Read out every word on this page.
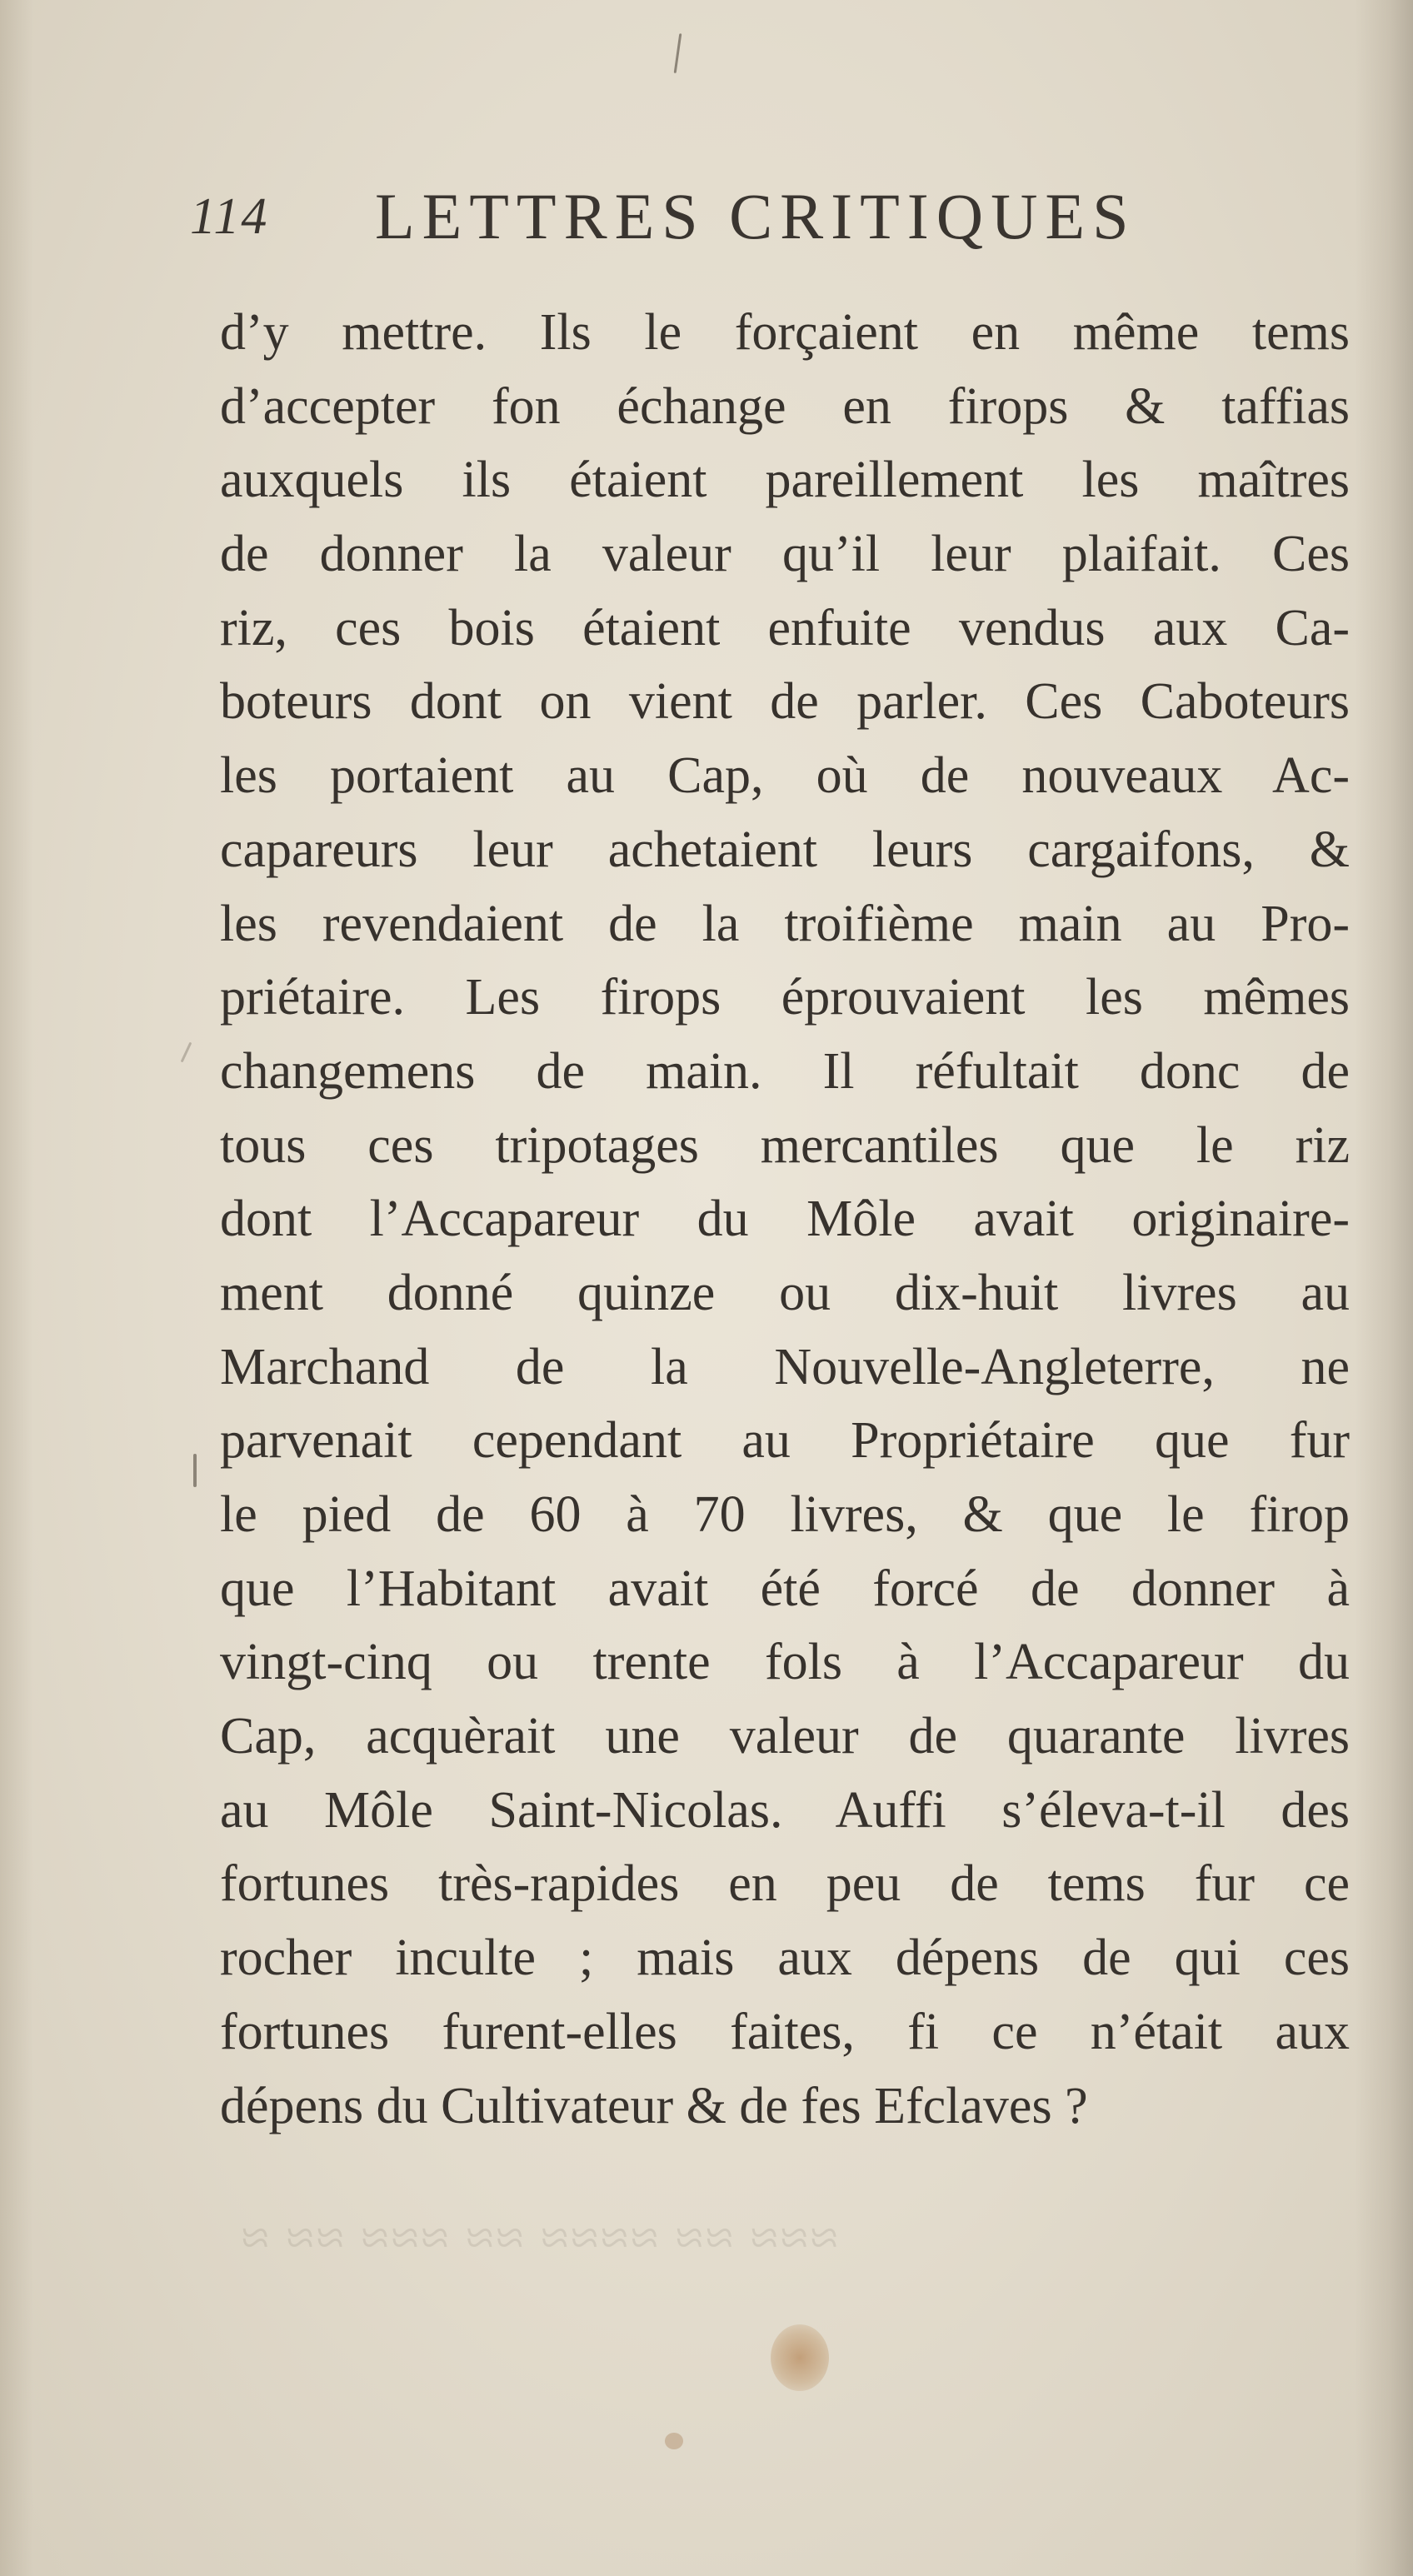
114 LETTRES CRITIQUES
d’y mettre. Ils le forçaient en même tems
d’accepter fon échange en firops & taffias
auxquels ils étaient pareillement les maîtres
de donner la valeur qu’il leur plaifait. Ces
riz, ces bois étaient enfuite vendus aux Ca-
boteurs dont on vient de parler. Ces Caboteurs
les portaient au Cap, où de nouveaux Ac-
capareurs leur achetaient leurs cargaifons, &
les revendaient de la troifième main au Pro-
priétaire. Les firops éprouvaient les mêmes
changemens de main. Il réfultait donc de
tous ces tripotages mercantiles que le riz
dont l’Accapareur du Môle avait originaire-
ment donné quinze ou dix-huit livres au
Marchand de la Nouvelle-Angleterre, ne
parvenait cependant au Propriétaire que fur
le pied de 60 à 70 livres, & que le firop
que l’Habitant avait été forcé de donner à
vingt-cinq ou trente fols à l’Accapareur du
Cap, acquèrait une valeur de quarante livres
au Môle Saint-Nicolas. Auffi s’éleva-t-il des
fortunes très-rapides en peu de tems fur ce
rocher inculte ; mais aux dépens de qui ces
fortunes furent-elles faites, fi ce n’était aux
dépens du Cultivateur & de fes Efclaves ?
≈ ≈≈ ≈≈≈ ≈≈ ≈≈≈≈ ≈≈ ≈≈≈
